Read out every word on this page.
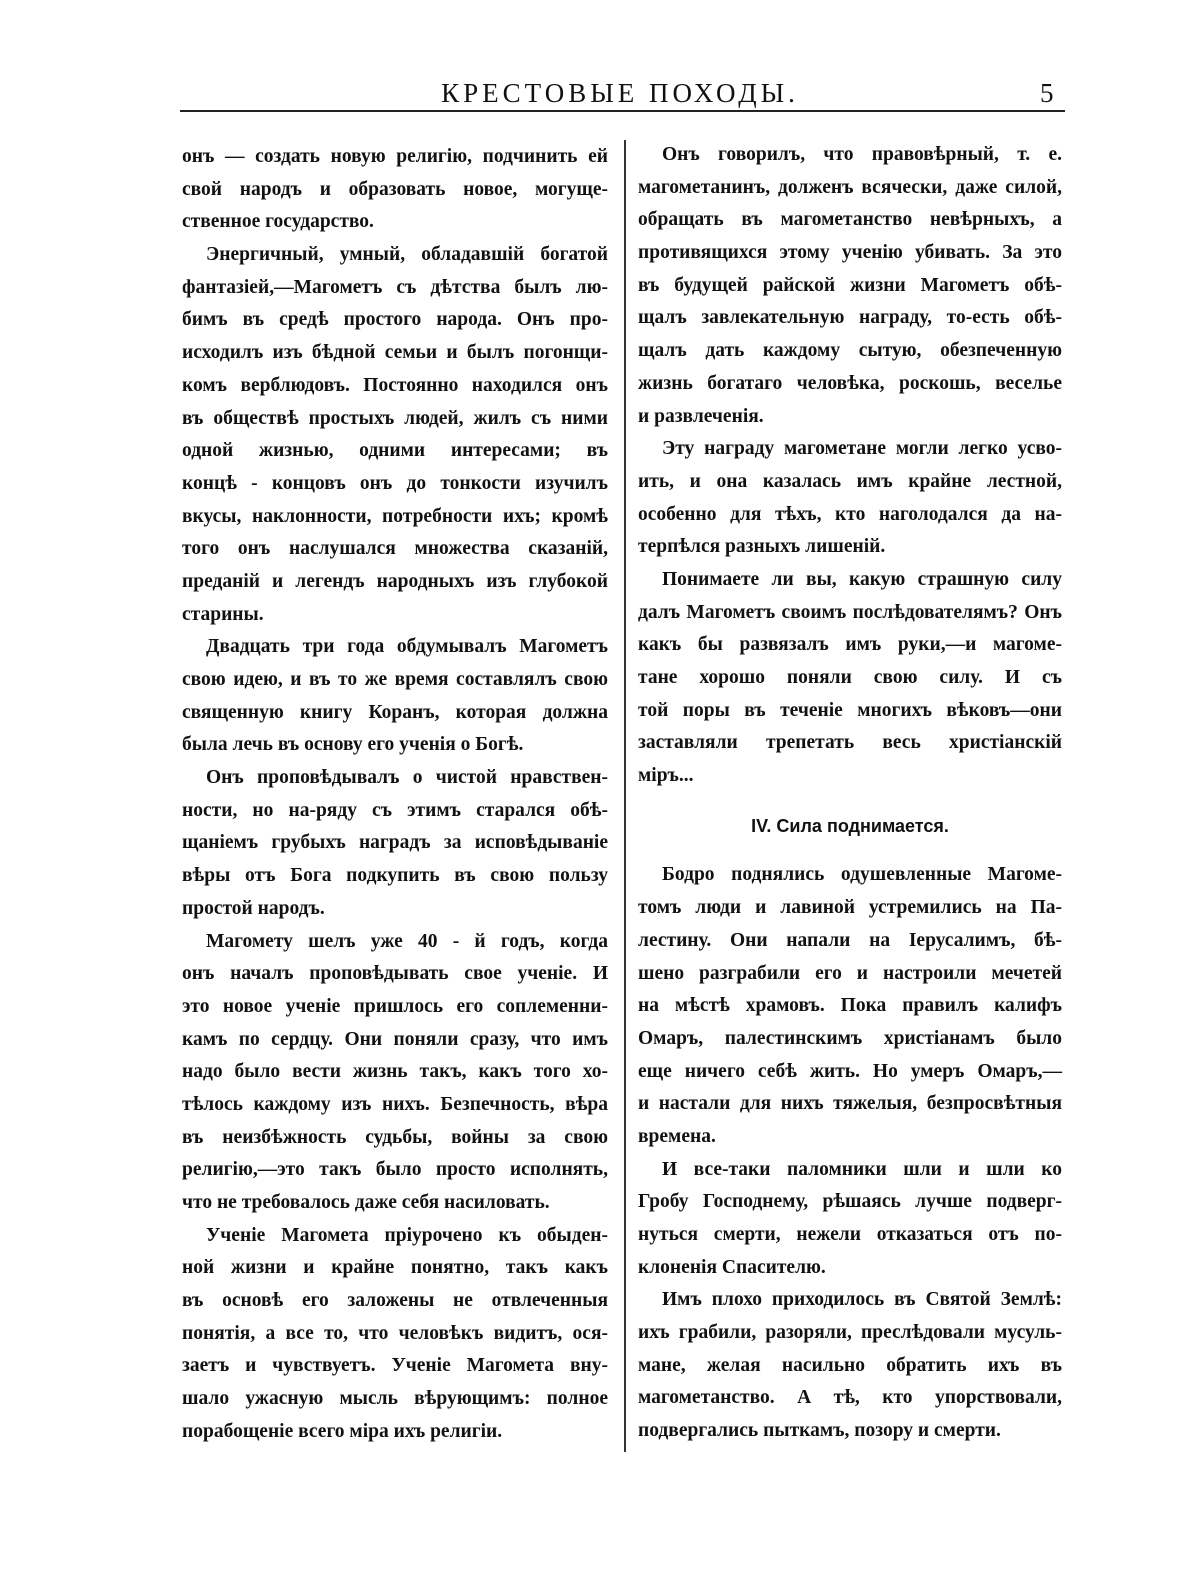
КРЕСТОВЫЕ ПОХОДЫ.	5
онъ — создать новую религію, подчинить ей
свой народъ и образовать новое, могуще-
ственное государство.
Энергичный, умный, обладавшій богатой
фантазіей,—Магометъ съ дѣтства былъ лю-
бимъ въ средѣ простого народа. Онъ про-
исходилъ изъ бѣдной семьи и былъ погонщи-
комъ верблюдовъ. Постоянно находился онъ
въ обществѣ простыхъ людей, жилъ съ ними
одной жизнью, одними интересами; въ
концѣ - концовъ онъ до тонкости изучилъ
вкусы, наклонности, потребности ихъ; кромѣ
того онъ наслушался множества сказаній,
преданій и легендъ народныхъ изъ глубокой
старины.
Двадцать три года обдумывалъ Магометъ
свою идею, и въ то же время составлялъ свою
священную книгу Коранъ, которая должна
была лечь въ основу его ученія о Богѣ.
Онъ проповѣдывалъ о чистой нравствен-
ности, но на-ряду съ этимъ старался обѣ-
щаніемъ грубыхъ наградъ за исповѣдываніе
вѣры отъ Бога подкупить въ свою пользу
простой народъ.
Магомету шелъ уже 40 - й годъ, когда
онъ началъ проповѣдывать свое ученіе. И
это новое ученіе пришлось его соплеменни-
камъ по сердцу. Они поняли сразу, что имъ
надо было вести жизнь такъ, какъ того хо-
тѣлось каждому изъ нихъ. Безпечность, вѣра
въ неизбѣжность судьбы, войны за свою
религію,—это такъ было просто исполнять,
что не требовалось даже себя насиловать.
Ученіе Магомета пріурочено къ обыден-
ной жизни и крайне понятно, такъ какъ
въ основѣ его заложены не отвлеченныя
понятія, а все то, что человѣкъ видитъ, ося-
заетъ и чувствуетъ. Ученіе Магомета вну-
шало ужасную мысль вѣрующимъ: полное
порабощеніе всего міра ихъ религіи.
Онъ говорилъ, что правовѣрный, т. е.
магометанинъ, долженъ всячески, даже силой,
обращать въ магометанство невѣрныхъ, а
противящихся этому ученію убивать. За это
въ будущей райской жизни Магометъ обѣ-
щалъ завлекательную награду, то-есть обѣ-
щалъ дать каждому сытую, обезпеченную
жизнь богатаго человѣка, роскошь, веселье
и развлеченія.
Эту награду магометане могли легко усво-
ить, и она казалась имъ крайне лестной,
особенно для тѣхъ, кто наголодался да на-
терпѣлся разныхъ лишеній.
Понимаете ли вы, какую страшную силу
далъ Магометъ своимъ послѣдователямъ? Онъ
какъ бы развязалъ имъ руки,—и магоме-
тане хорошо поняли свою силу. И съ
той поры въ теченіе многихъ вѣковъ—они
заставляли трепетать весь христіанскій
міръ...
IV. Сила поднимается.
Бодро поднялись одушевленные Магоме-
томъ люди и лавиной устремились на Па-
лестину. Они напали на Іерусалимъ, бѣ-
шено разграбили его и настроили мечетей
на мѣстѣ храмовъ. Пока правилъ калифъ
Омаръ, палестинскимъ христіанамъ было
еще ничего себѣ жить. Но умеръ Омаръ,—
и настали для нихъ тяжелыя, безпросвѣтныя
времена.
И все-таки паломники шли и шли ко
Гробу Господнему, рѣшаясь лучше подверг-
нуться смерти, нежели отказаться отъ по-
клоненія Спасителю.
Имъ плохо приходилось въ Святой Землѣ:
ихъ грабили, разоряли, преслѣдовали мусуль-
мане, желая насильно обратить ихъ въ
магометанство. А тѣ, кто упорствовали,
подвергались пыткамъ, позору и смерти.
